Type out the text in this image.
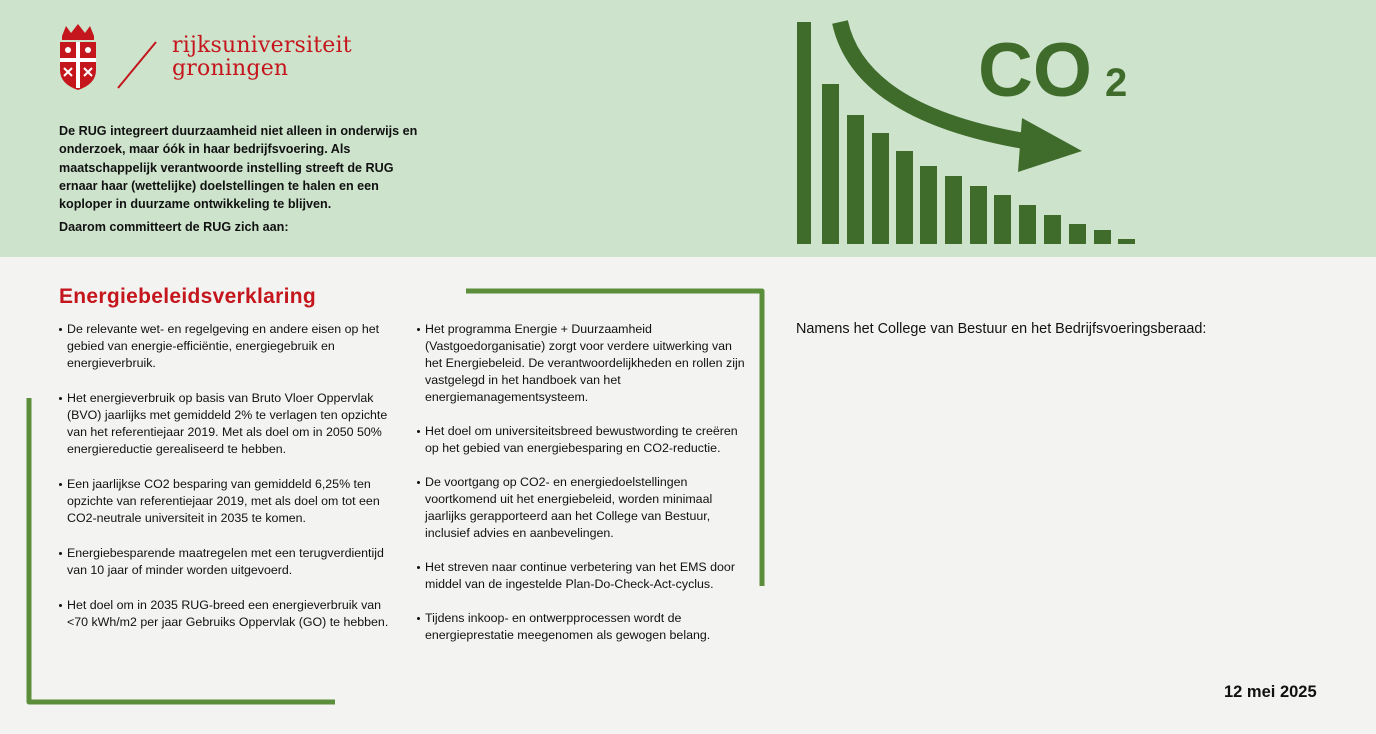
rijksuniversiteit
groningen

De RUG integreert duurzaamheid niet alleen in onderwijs en onderzoek, maar óók in haar bedrijfsvoering. Als maatschappelijk verantwoorde instelling streeft de RUG ernaar haar (wettelijke) doelstellingen te halen en een koploper in duurzame ontwikkeling te blijven.

Daarom committeert de RUG zich aan:

CO 2
Energiebeleidsverklaring
De relevante wet- en regelgeving en andere eisen op het gebied van energie-efficiëntie, energiegebruik en energieverbruik.
Het energieverbruik op basis van Bruto Vloer Oppervlak (BVO) jaarlijks met gemiddeld 2% te verlagen ten opzichte van het referentiejaar 2019. Met als doel om in 2050 50% energiereductie gerealiseerd te hebben.
Een jaarlijkse CO2 besparing van gemiddeld 6,25% ten opzichte van referentiejaar 2019, met als doel om tot een CO2-neutrale universiteit in 2035 te komen.
Energiebesparende maatregelen met een terugverdientijd van 10 jaar of minder worden uitgevoerd.
Het doel om in 2035 RUG-breed een energieverbruik van <70 kWh/m2 per jaar Gebruiks Oppervlak (GO) te hebben.
Het programma Energie + Duurzaamheid (Vastgoedorganisatie) zorgt voor verdere uitwerking van het Energiebeleid. De verantwoordelijkheden en rollen zijn vastgelegd in het handboek van het energiemanagementsysteem.
Het doel om universiteitsbreed bewustwording te creëren op het gebied van energiebesparing en CO2-reductie.
De voortgang op CO2- en energiedoelstellingen voortkomend uit het energiebeleid, worden minimaal jaarlijks gerapporteerd aan het College van Bestuur, inclusief advies en aanbevelingen.
Het streven naar continue verbetering van het EMS door middel van de ingestelde Plan-Do-Check-Act-cyclus.
Tijdens inkoop- en ontwerpprocessen wordt de energieprestatie meegenomen als gewogen belang.
Namens het College van Bestuur en het Bedrijfsvoeringsberaad:
12 mei 2025
